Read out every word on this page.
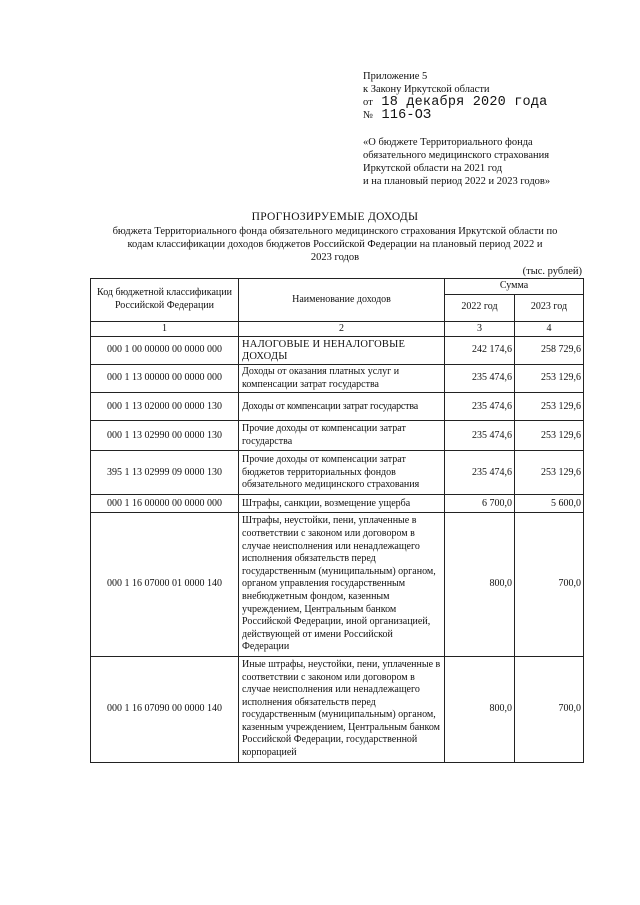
Приложение 5
к Закону Иркутской области
от 18 декабря 2020 года
№ 116-ОЗ
«О бюджете Территориального фонда
обязательного медицинского страхования
Иркутской области на 2021 год
и на плановый период 2022 и 2023 годов»
ПРОГНОЗИРУЕМЫЕ ДОХОДЫ
бюджета Территориального фонда обязательного медицинского страхования Иркутской области по
кодам классификации доходов бюджетов Российской Федерации на плановый период 2022 и
2023 годов
(тыс. рублей)
Код бюджетной классификации Российской Федерации	Наименование доходов	Сумма	
		2022 год	2023 год
1	2	3	4
000 1 00 00000 00 0000 000	НАЛОГОВЫЕ И НЕНАЛОГОВЫЕ ДОХОДЫ	242 174,6	258 729,6
000 1 13 00000 00 0000 000	Доходы от оказания платных услуг и компенсации затрат государства	235 474,6	253 129,6
000 1 13 02000 00 0000 130	Доходы от компенсации затрат государства	235 474,6	253 129,6
000 1 13 02990 00 0000 130	Прочие доходы от компенсации затрат государства	235 474,6	253 129,6
395 1 13 02999 09 0000 130	Прочие доходы от компенсации затрат бюджетов территориальных фондов обязательного медицинского страхования	235 474,6	253 129,6
000 1 16 00000 00 0000 000	Штрафы, санкции, возмещение ущерба	6 700,0	5 600,0
000 1 16 07000 01 0000 140	Штрафы, неустойки, пени, уплаченные в соответствии с законом или договором в случае неисполнения или ненадлежащего исполнения обязательств перед государственным (муниципальным) органом, органом управления государственным внебюджетным фондом, казенным учреждением, Центральным банком Российской Федерации, иной организацией, действующей от имени Российской Федерации	800,0	700,0
000 1 16 07090 00 0000 140	Иные штрафы, неустойки, пени, уплаченные в соответствии с законом или договором в случае неисполнения или ненадлежащего исполнения обязательств перед государственным (муниципальным) органом, казенным учреждением, Центральным банком Российской Федерации, государственной корпорацией	800,0	700,0
